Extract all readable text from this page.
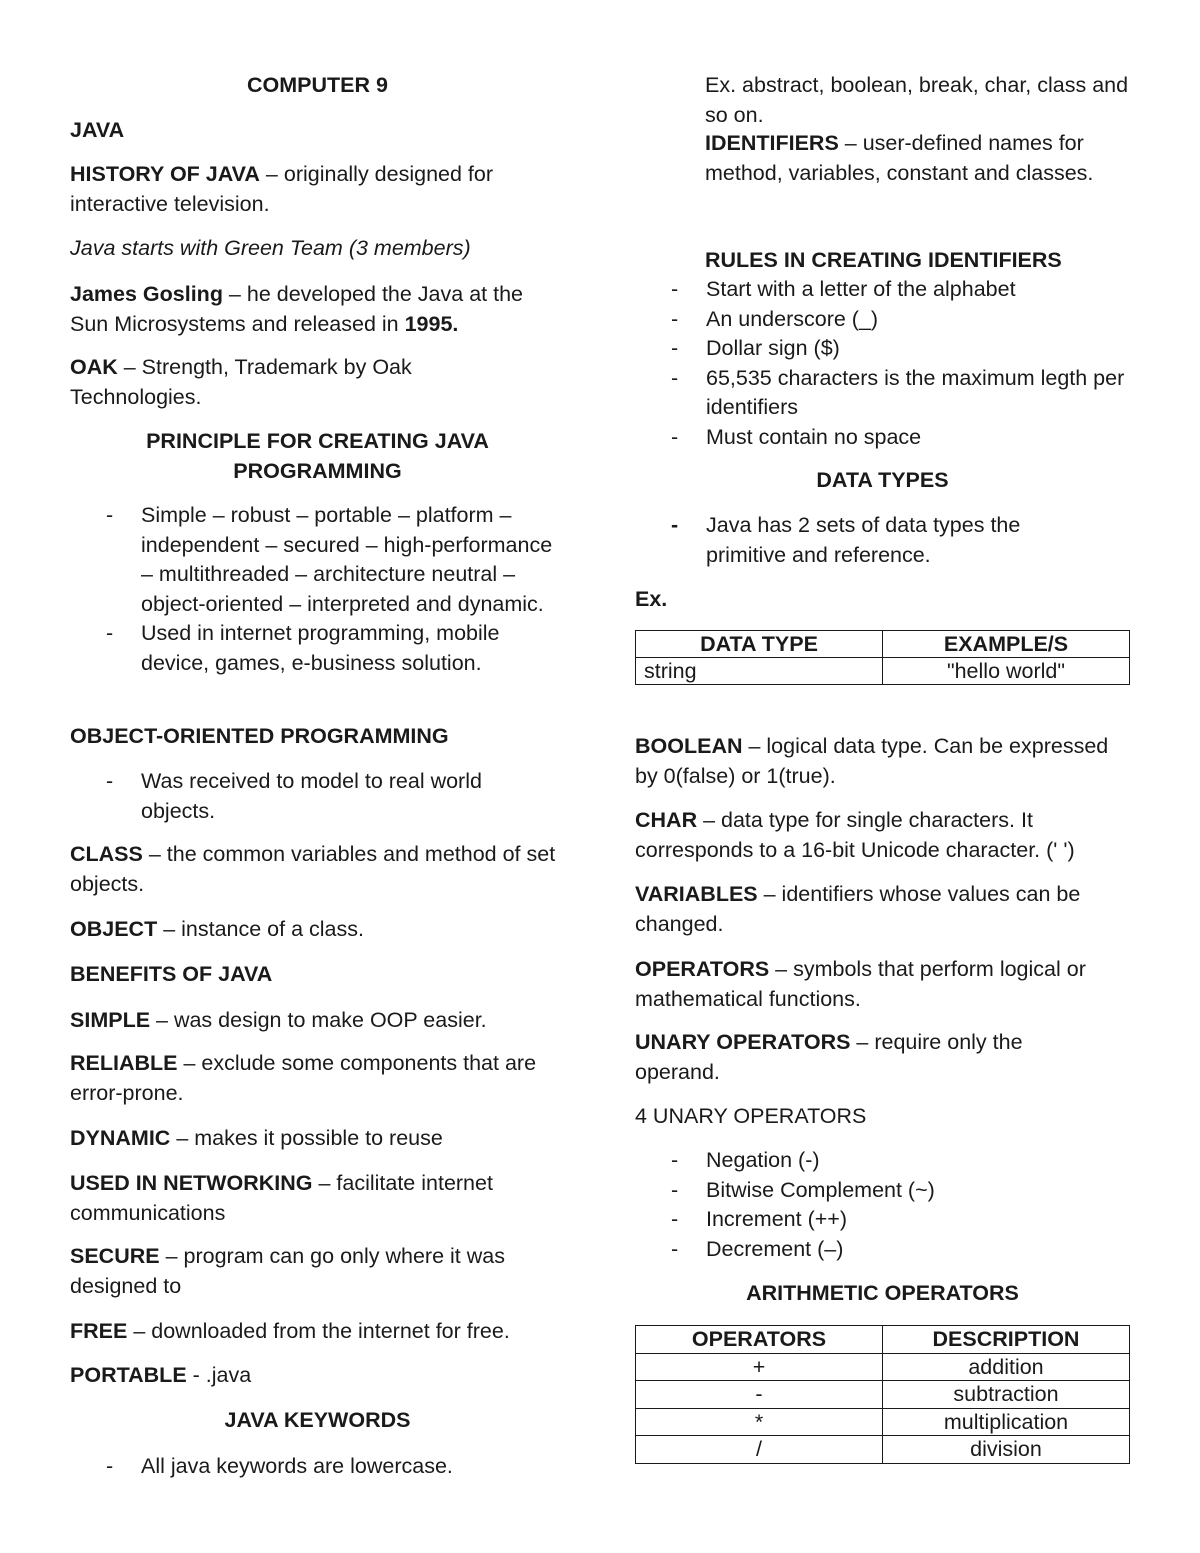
COMPUTER 9

JAVA

HISTORY OF JAVA – originally designed for interactive television.

Java starts with Green Team (3 members)

James Gosling – he developed the Java at the Sun Microsystems and released in 1995.

OAK – Strength, Trademark by Oak Technologies.

PRINCIPLE FOR CREATING JAVA PROGRAMMING

- Simple – robust – portable – platform – independent – secured – high-performance – multithreaded – architecture neutral – object-oriented – interpreted and dynamic.
- Used in internet programming, mobile device, games, e-business solution.

OBJECT-ORIENTED PROGRAMMING

- Was received to model to real world objects.

CLASS – the common variables and method of set objects.

OBJECT – instance of a class.

BENEFITS OF JAVA

SIMPLE – was design to make OOP easier.

RELIABLE – exclude some components that are error-prone.

DYNAMIC – makes it possible to reuse

USED IN NETWORKING – facilitate internet communications

SECURE – program can go only where it was designed to

FREE – downloaded from the internet for free.

PORTABLE - .java

JAVA KEYWORDS

- All java keywords are lowercase.

Ex. abstract, boolean, break, char, class and so on.

IDENTIFIERS – user-defined names for method, variables, constant and classes.

RULES IN CREATING IDENTIFIERS

- Start with a letter of the alphabet
- An underscore (_)
- Dollar sign ($)
- 65,535 characters is the maximum legth per identifiers
- Must contain no space

DATA TYPES

- Java has 2 sets of data types the primitive and reference.

Ex.

DATA TYPE	EXAMPLE/S
string	"hello world"

BOOLEAN – logical data type. Can be expressed by 0(false) or 1(true).

CHAR – data type for single characters. It corresponds to a 16-bit Unicode character. (' ')

VARIABLES – identifiers whose values can be changed.

OPERATORS – symbols that perform logical or mathematical functions.

UNARY OPERATORS – require only the operand.

4 UNARY OPERATORS

- Negation (-)
- Bitwise Complement (~)
- Increment (++)
- Decrement (–)

ARITHMETIC OPERATORS

OPERATORS	DESCRIPTION
+	addition
-	subtraction
*	multiplication
/	division
